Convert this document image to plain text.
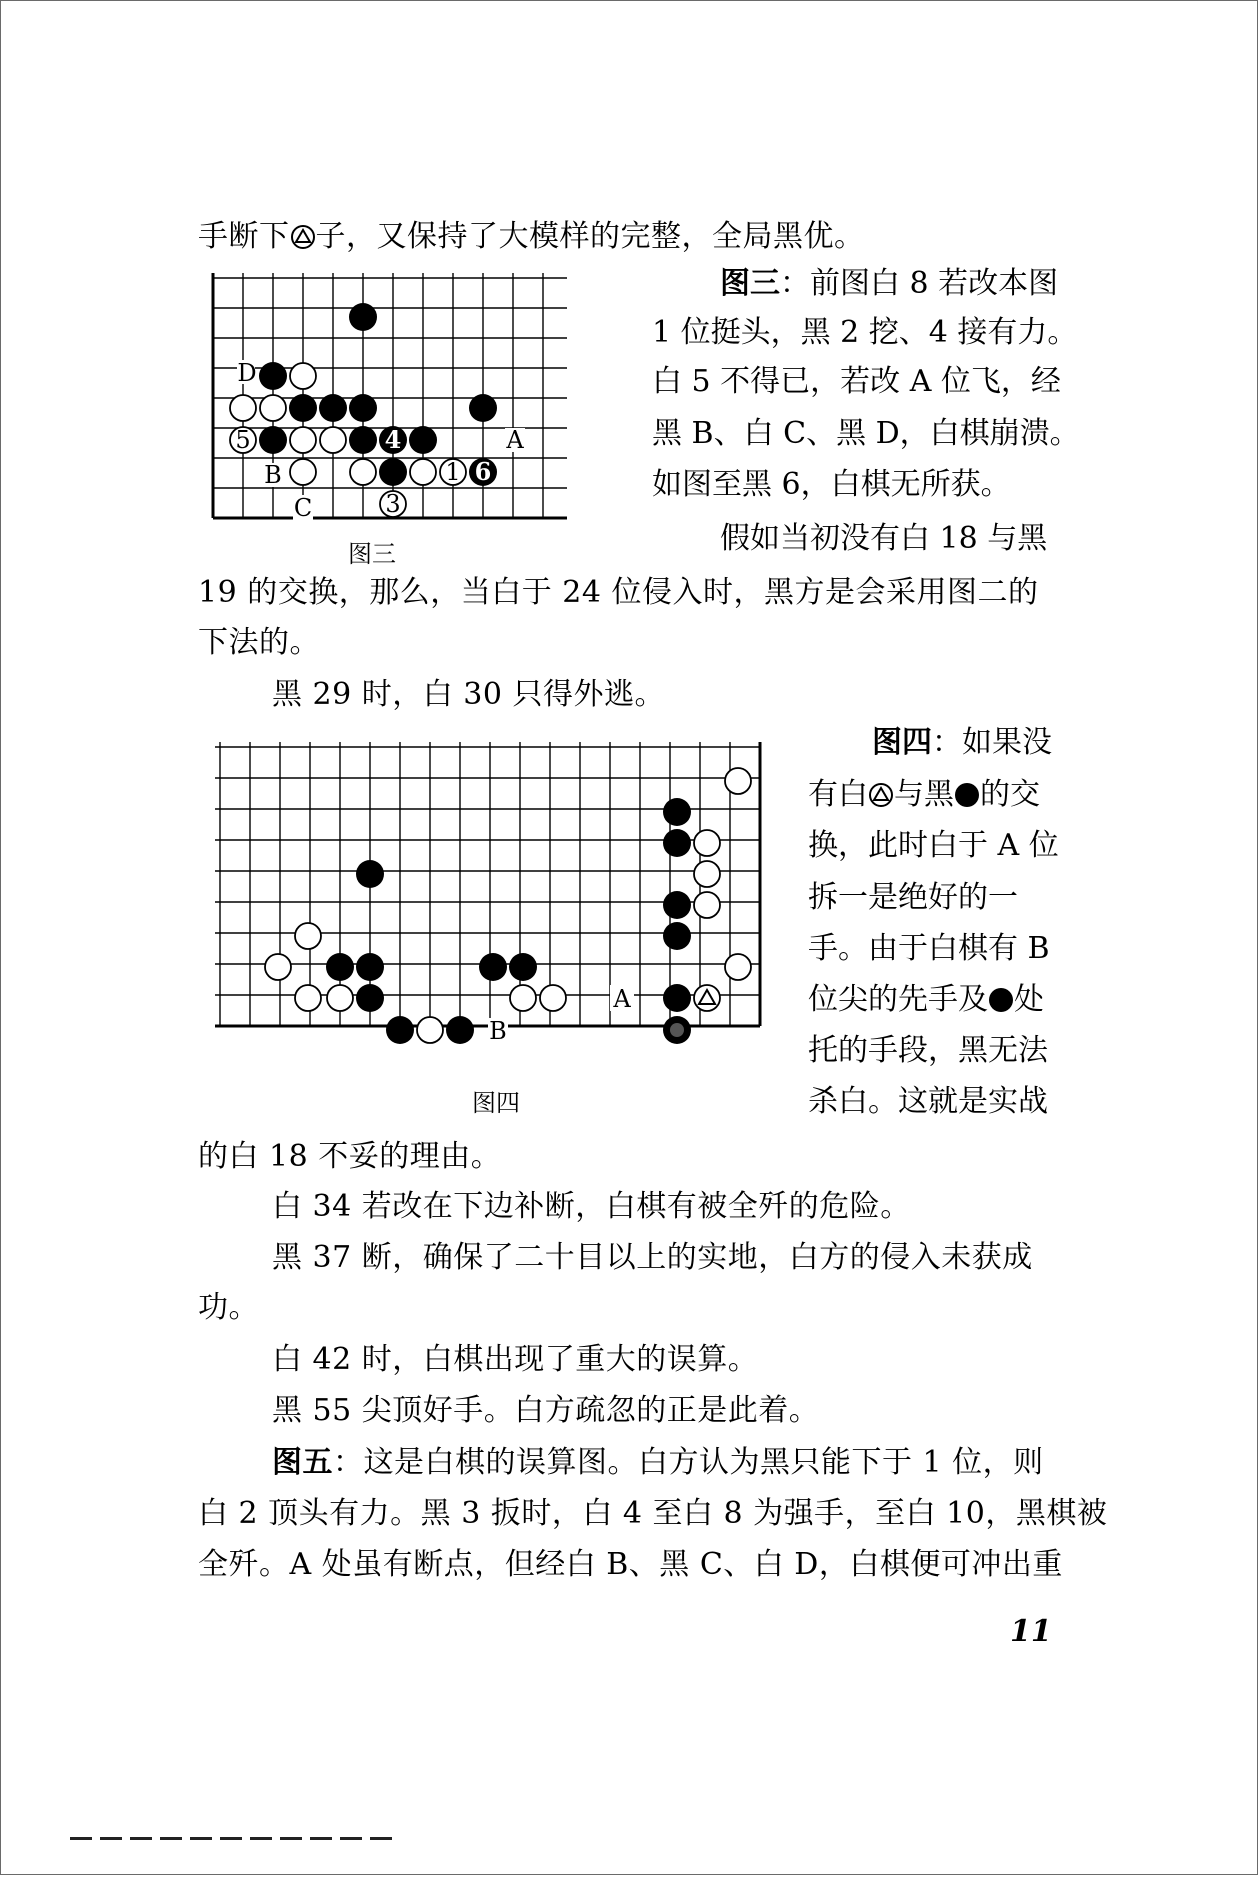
手断下 子，又保持了大模样的完整，全局黑优。
5	4	A
B	1 6
D
C	3
图三
图三：前图白 8 若改本图
1 位挺头，黑 2 挖、4 接有力。
白 5 不得已，若改 A 位飞，经
黑 B、白 C、黑 D，白棋崩溃。
如图至黑 6，白棋无所获。
假如当初没有白 18 与黑
19 的交换，那么，当白于 24 位侵入时，黑方是会采用图二的
下法的。
黑 29 时，白 30 只得外逃。
A
B
图四
图四：如果没
有白 与黑 的交
换，此时白于 A 位
拆一是绝好的一
手。由于白棋有 B
位尖的先手及 处
托的手段，黑无法
杀白。这就是实战
的白 18 不妥的理由。
白 34 若改在下边补断，白棋有被全歼的危险。
黑 37 断，确保了二十目以上的实地，白方的侵入未获成
功。
白 42 时，白棋出现了重大的误算。
黑 55 尖顶好手。白方疏忽的正是此着。
图五：这是白棋的误算图。白方认为黑只能下于 1 位，则
白 2 顶头有力。黑 3 扳时，白 4 至白 8 为强手，至白 10，黑棋被
全歼。A 处虽有断点，但经白 B、黑 C、白 D，白棋便可冲出重
11
